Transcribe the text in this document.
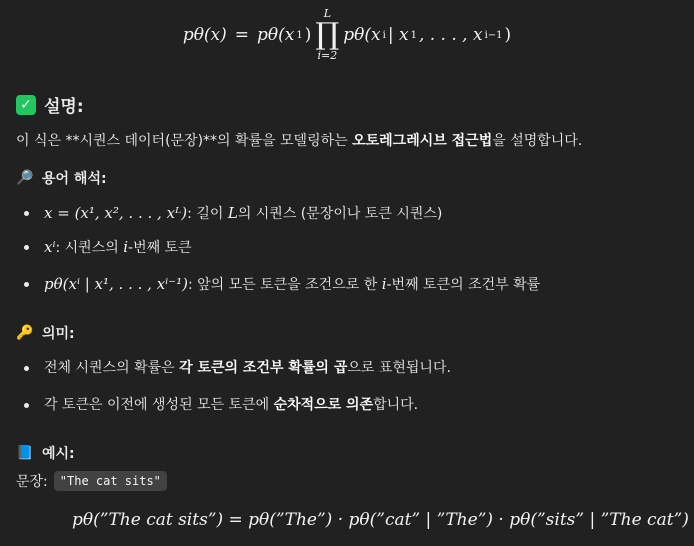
pθ(x) = pθ(x 1 )
L
∏
i=2
pθ(x i | x 1 , . . . , x i−1 )
✓ 설명:
이 식은 **시퀀스 데이터(문장)**의 확률을 모델링하는 오토레그레시브 접근법을 설명합니다.
🔎 용어 해석:
x = (x¹, x², . . . , xᴸ): 길이 L의 시퀀스 (문장이나 토큰 시퀀스)
xⁱ: 시퀀스의 i-번째 토큰
pθ(xⁱ | x¹, . . . , xⁱ⁻¹): 앞의 모든 토큰을 조건으로 한 i-번째 토큰의 조건부 확률
🔑 의미:
전체 시퀀스의 확률은 각 토큰의 조건부 확률의 곱으로 표현됩니다.
각 토큰은 이전에 생성된 모든 토큰에 순차적으로 의존합니다.
📘 예시:
문장:	"The cat sits"
pθ(”The cat sits”) = pθ(”The”) · pθ(”cat” | ”The”) · pθ(”sits” | ”The cat”)
